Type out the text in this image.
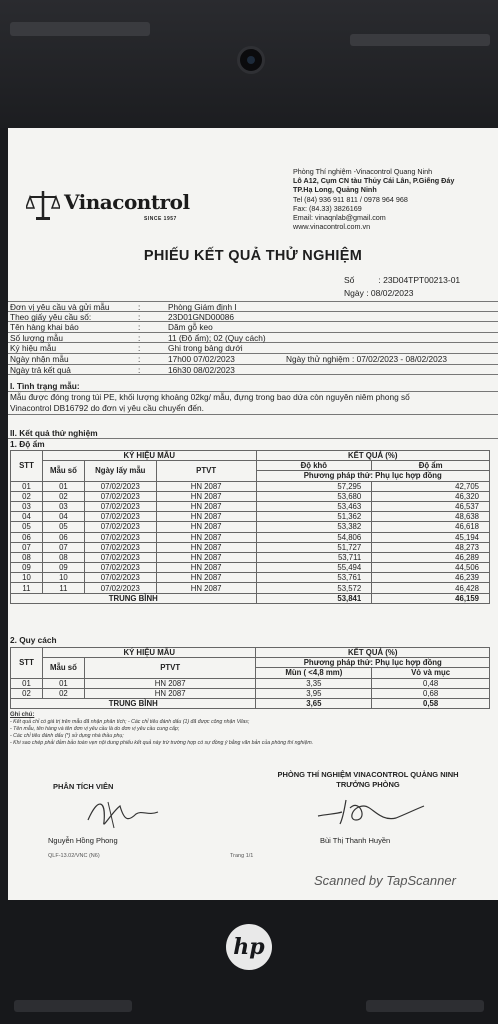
Vinacontrol
SINCE 1957
Phòng Thí nghiệm -Vinacontrol Quang Ninh
Lô A12, Cụm CN tàu Thủy Cái Lân, P.Giếng Đáy
TP.Hạ Long, Quảng Ninh
Tel (84) 936 911 811 / 0978 964 968
Fax: (84.33) 3826169
Email: vinaqnlab@gmail.com
www.vinacontrol.com.vn
PHIẾU KẾT QUẢ THỬ NGHIỆM
Số	: 23D04TPT00213-01
Ngày : 08/02/2023
Đơn vị yêu cầu và gửi mẫu	:	Phòng Giám định I
Theo giấy yêu cầu số:	:	23D01GND00086
Tên hàng khai báo	:	Dăm gỗ keo
Số lượng mẫu	:	11 (Độ ẩm); 02 (Quy cách)
Ký hiệu mẫu	:	Ghi trong bảng dưới
Ngày nhận mẫu	:	17h00 07/02/2023	Ngày thử nghiệm : 07/02/2023 - 08/02/2023
Ngày trả kết quả	:	16h30 08/02/2023
I. Tình trạng mẫu:
Mẫu được đóng trong túi PE, khối lượng khoảng 02kg/ mẫu, đựng trong bao dứa còn nguyên niêm phong số
Vinacontrol DB16792 do đơn vị yêu cầu chuyển đến.
II. Kết quả thử nghiệm
1. Độ ẩm
STT	KÝ HIỆU MẪU			KẾT QUẢ (%)	
	Mẫu số	Ngày lấy mẫu	PTVT	Độ khô	Độ ẩm
				Phương pháp thử: Phụ lục hợp đồng	
01	01	07/02/2023	HN 2087	57,295	42,705
02	02	07/02/2023	HN 2087	53,680	46,320
03	03	07/02/2023	HN 2087	53,463	46,537
04	04	07/02/2023	HN 2087	51,362	48,638
05	05	07/02/2023	HN 2087	53,382	46,618
06	06	07/02/2023	HN 2087	54,806	45,194
07	07	07/02/2023	HN 2087	51,727	48,273
08	08	07/02/2023	HN 2087	53,711	46,289
09	09	07/02/2023	HN 2087	55,494	44,506
10	10	07/02/2023	HN 2087	53,761	46,239
11	11	07/02/2023	HN 2087	53,572	46,428
TRUNG BÌNH				53,841	46,159
2. Quy cách
STT	KÝ HIỆU MẪU		KẾT QUẢ (%)	
	Mẫu số	PTVT	Phương pháp thử: Phụ lục hợp đồng	
			Mùn ( <4,8 mm)	Vỏ và mục
01	01	HN 2087	3,35	0,48
02	02	HN 2087	3,95	0,68
TRUNG BÌNH			3,65	0,58
Ghi chú:
- Kết quả chỉ có giá trị trên mẫu đã nhận phân tích; - Các chỉ tiêu đánh dấu (1) đã được công nhận Vilas;
- Tên mẫu, tên hàng và tên đơn vị yêu cầu là do đơn vị yêu cầu cung cấp;
- Các chỉ tiêu đánh dấu (*) sử dụng nhà thầu phụ;
- Khi sao chép phải đảm bảo toàn vẹn nội dung phiếu kết quả này trừ trường hợp có sự đồng ý bằng văn bản của phòng thí nghiệm.
PHÂN TÍCH VIÊN
PHÒNG THÍ NGHIỆM VINACONTROL QUẢNG NINH
TRƯỞNG PHÒNG
Nguyễn Hồng Phong	Bùi Thị Thanh Huyền
QLF-13.02/VNC (N6)	Trang 1/1
Scanned by TapScanner
hp
